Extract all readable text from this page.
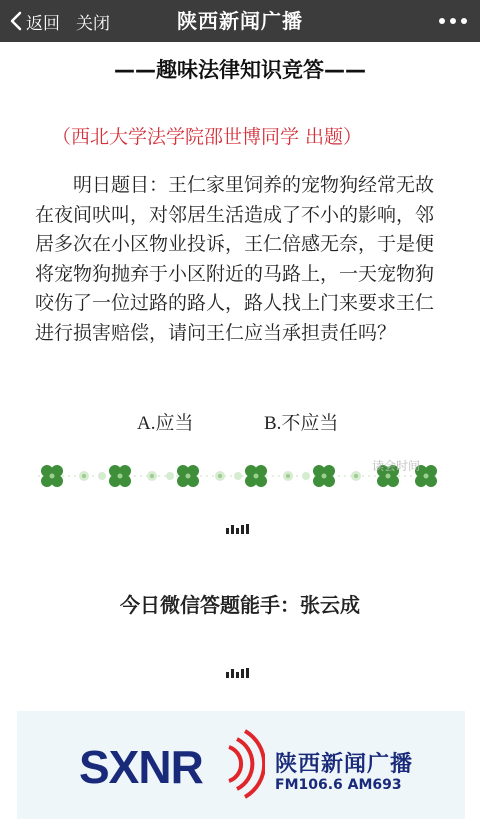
返回 关闭	陕西新闻广播
——趣味法律知识竞答——
（西北大学法学院邵世博同学 出题）
明日题目：王仁家里饲养的宠物狗经常无故在夜间吠叫，对邻居生活造成了不小的影响，邻居多次在小区物业投诉，王仁倍感无奈，于是便将宠物狗抛弃于小区附近的马路上，一天宠物狗咬伤了一位过路的路人，路人找上门来要求王仁进行损害赔偿，请问王仁应当承担责任吗？
A.应当	B.不应当
读会时间
今日微信答题能手：张云成
SXNR	陕西新闻广播
FM106.6 AM693
